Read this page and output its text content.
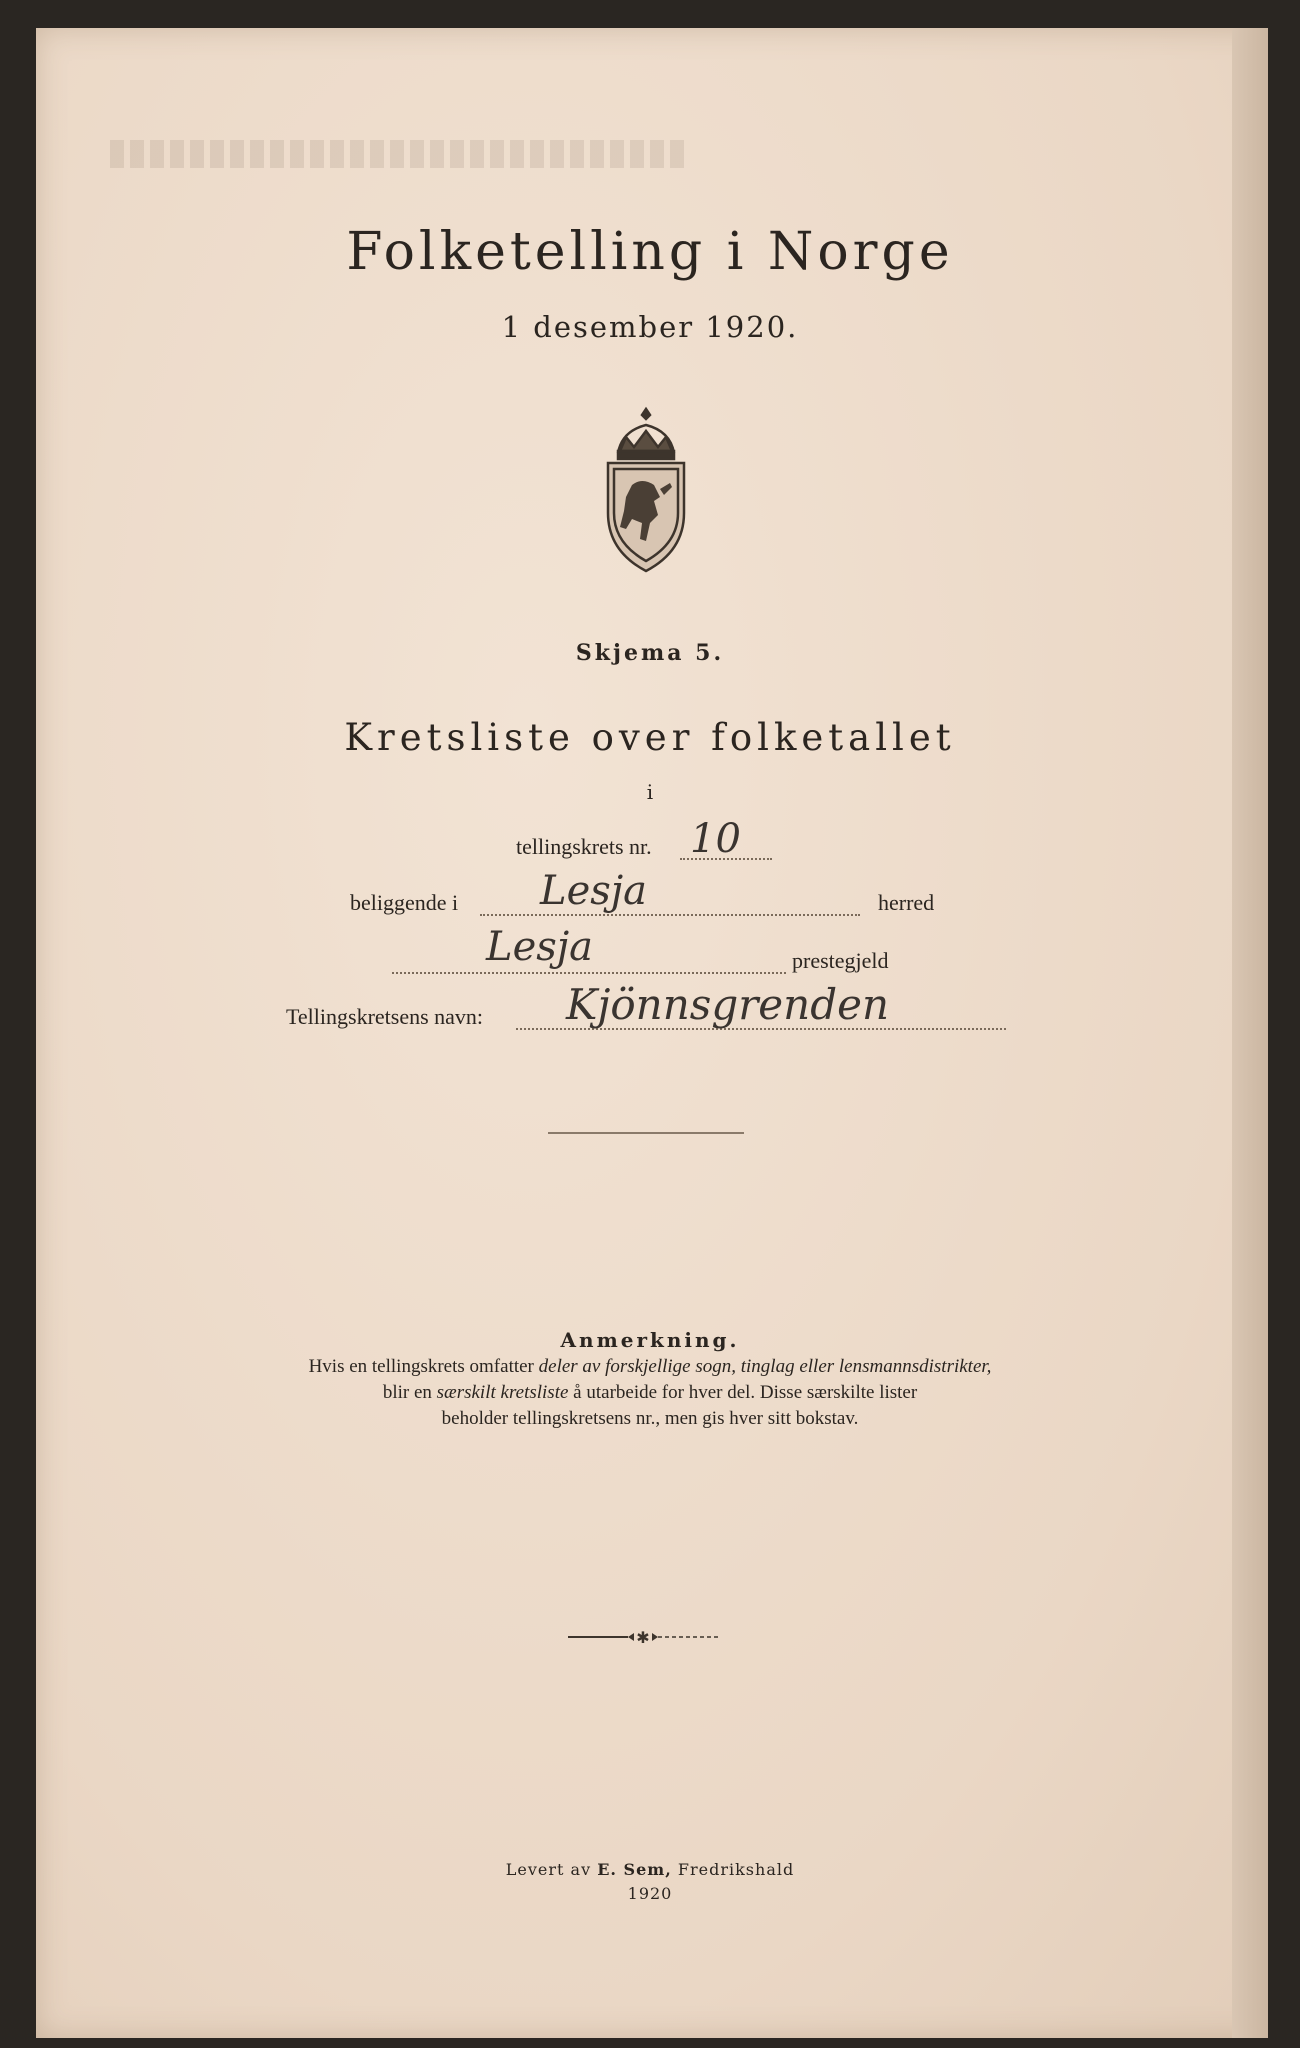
Folketelling i Norge
1 desember 1920.
Skjema 5.
Kretsliste over folketallet
i
tellingskrets nr. 10
beliggende i Lesja	herred
Lesja	prestegjeld
Tellingskretsens navn: Kjönnsgrenden
Anmerkning.
Hvis en tellingskrets omfatter deler av forskjellige sogn, tinglag eller lensmannsdistrikter,
blir en særskilt kretsliste å utarbeide for hver del. Disse særskilte lister
beholder tellingskretsens nr., men gis hver sitt bokstav.
✱
Levert av E. Sem, Fredrikshald
1920
